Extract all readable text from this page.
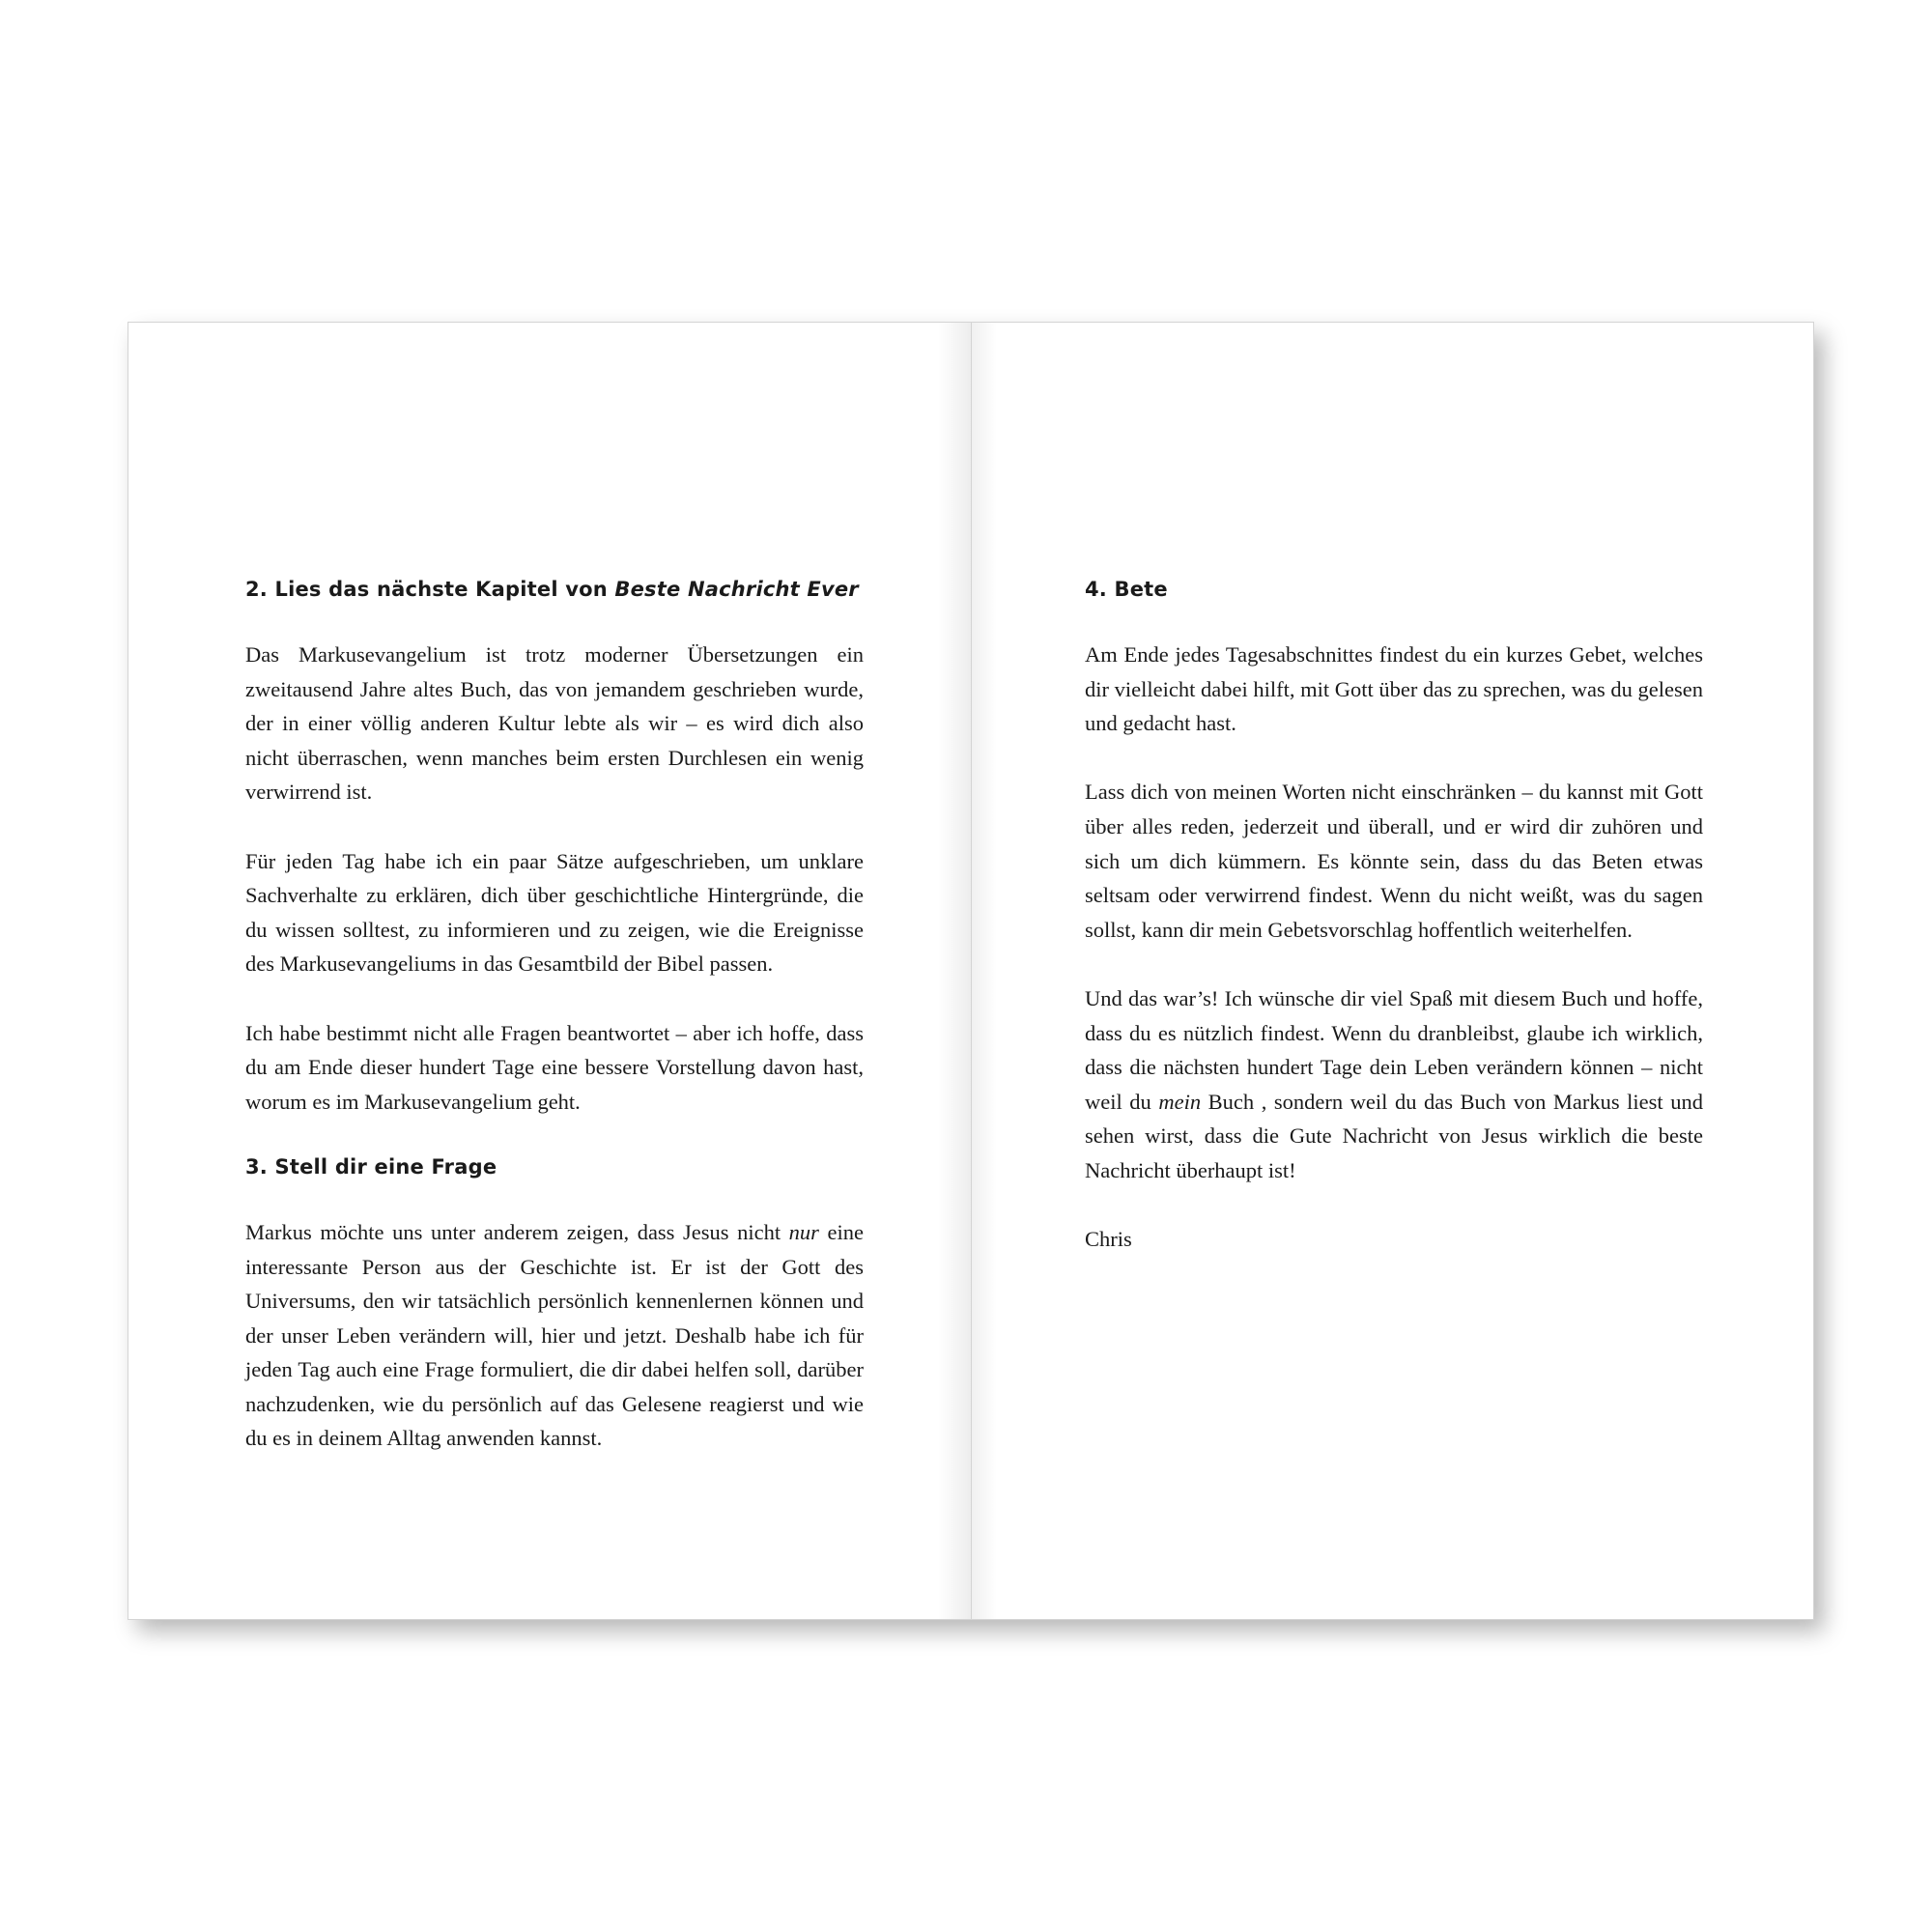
2. Lies das nächste Kapitel von Beste Nachricht Ever

Das Markusevangelium ist trotz moderner Übersetzungen ein zweitausend Jahre altes Buch, das von jemandem geschrieben wurde, der in einer völlig anderen Kultur lebte als wir – es wird dich also nicht überraschen, wenn manches beim ersten Durchlesen ein wenig verwirrend ist.

Für jeden Tag habe ich ein paar Sätze aufgeschrieben, um unklare Sachverhalte zu erklären, dich über geschichtliche Hintergründe, die du wissen solltest, zu informieren und zu zeigen, wie die Ereignisse des Markusevangeliums in das Gesamtbild der Bibel passen.

Ich habe bestimmt nicht alle Fragen beantwortet – aber ich hoffe, dass du am Ende dieser hundert Tage eine bessere Vorstellung davon hast, worum es im Markusevangelium geht.

3. Stell dir eine Frage

Markus möchte uns unter anderem zeigen, dass Jesus nicht nur eine interessante Person aus der Geschichte ist. Er ist der Gott des Universums, den wir tatsächlich persönlich kennenlernen können und der unser Leben verändern will, hier und jetzt. Deshalb habe ich für jeden Tag auch eine Frage formuliert, die dir dabei helfen soll, darüber nachzudenken, wie du persönlich auf das Gelesene reagierst und wie du es in deinem Alltag anwenden kannst.

4. Bete

Am Ende jedes Tagesabschnittes findest du ein kurzes Gebet, welches dir vielleicht dabei hilft, mit Gott über das zu sprechen, was du gelesen und gedacht hast.

Lass dich von meinen Worten nicht einschränken – du kannst mit Gott über alles reden, jederzeit und überall, und er wird dir zuhören und sich um dich kümmern. Es könnte sein, dass du das Beten etwas seltsam oder verwirrend findest. Wenn du nicht weißt, was du sagen sollst, kann dir mein Gebetsvorschlag hoffentlich weiterhelfen.

Und das war’s! Ich wünsche dir viel Spaß mit diesem Buch und hoffe, dass du es nützlich findest. Wenn du dranbleibst, glaube ich wirklich, dass die nächsten hundert Tage dein Leben verändern können – nicht weil du mein Buch , sondern weil du das Buch von Markus liest und sehen wirst, dass die Gute Nachricht von Jesus wirklich die beste Nachricht überhaupt ist!

Chris
